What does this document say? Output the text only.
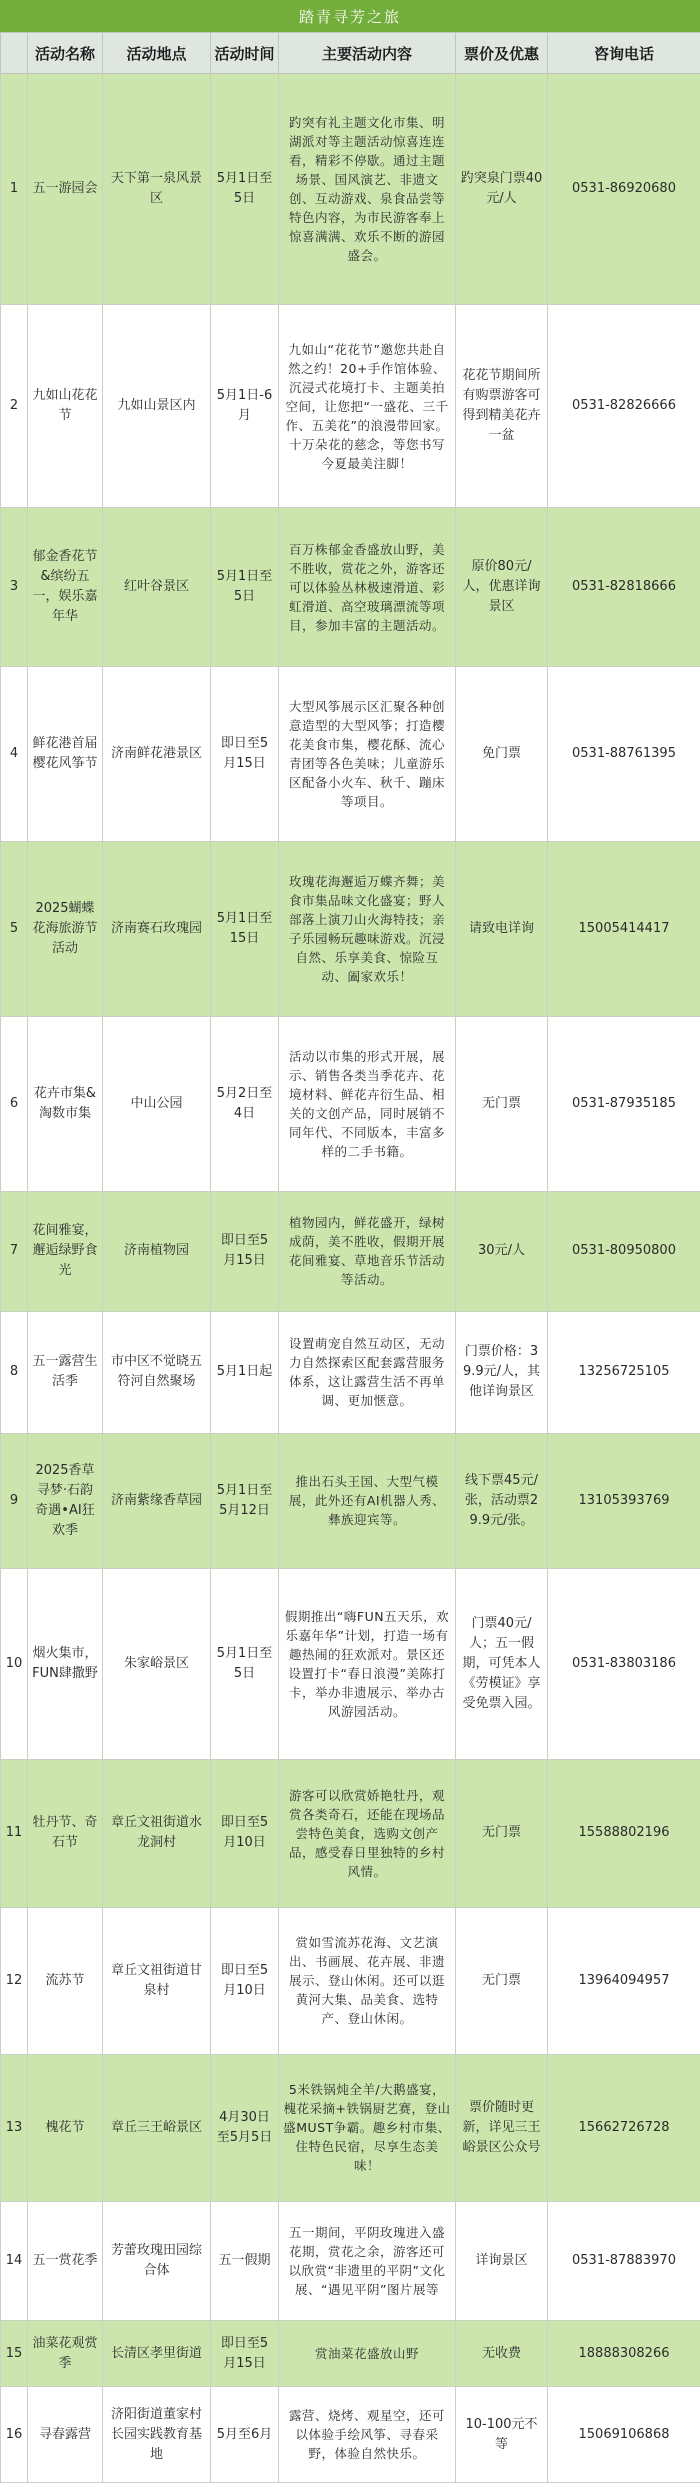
踏青寻芳之旅
	活动名称	活动地点	活动时间	主要活动内容	票价及优惠	咨询电话
1	五一游园会	天下第一泉风景区	5月1日至5日	趵突有礼主题文化市集、明湖派对等主题活动惊喜连连看，精彩不停歇。通过主题场景、国风演艺、非遗文创、互动游戏、泉食品尝等特色内容，为市民游客奉上惊喜满满、欢乐不断的游园盛会。	趵突泉门票40元/人	0531-86920680
2	九如山花花节	九如山景区内	5月1日-6月	九如山“花花节”邀您共赴自然之约！20+手作馆体验、沉浸式花境打卡、主题美拍空间，让您把“一盛花、三千作、五美花”的浪漫带回家。十万朵花的慈念，等您书写今夏最美注脚！	花花节期间所有购票游客可得到精美花卉一盆	0531-82826666
3	郁金香花节&缤纷五一，娱乐嘉年华	红叶谷景区	5月1日至5日	百万株郁金香盛放山野，美不胜收，赏花之外，游客还可以体验丛林极速滑道、彩虹滑道、高空玻璃漂流等项目，参加丰富的主题活动。	原价80元/人，优惠详询景区	0531-82818666
4	鲜花港首届樱花风筝节	济南鲜花港景区	即日至5月15日	大型风筝展示区汇聚各种创意造型的大型风筝；打造樱花美食市集，樱花酥、流心青团等各色美味；儿童游乐区配备小火车、秋千、蹦床等项目。	免门票	0531-88761395
5	2025蝴蝶花海旅游节活动	济南赛石玫瑰园	5月1日至15日	玫瑰花海邂逅万蝶齐舞；美食市集品味文化盛宴；野人部落上演刀山火海特技；亲子乐园畅玩趣味游戏。沉浸自然、乐享美食、惊险互动、阖家欢乐！	请致电详询	15005414417
6	花卉市集&淘数市集	中山公园	5月2日至4日	活动以市集的形式开展，展示、销售各类当季花卉、花境材料、鲜花卉衍生品、相关的文创产品，同时展销不同年代、不同版本，丰富多样的二手书籍。	无门票	0531-87935185
7	花间雅宴，邂逅绿野食光	济南植物园	即日至5月15日	植物园内，鲜花盛开，绿树成荫，美不胜收，假期开展花间雅宴、草地音乐节活动等活动。	30元/人	0531-80950800
8	五一露营生活季	市中区不觉晓五符河自然聚场	5月1日起	设置萌宠自然互动区，无动力自然探索区配套露营服务体系，这让露营生活不再单调、更加惬意。	门票价格：39.9元/人，其他详询景区	13256725105
9	2025香草寻梦·石韵奇遇•AI狂欢季	济南紫缘香草园	5月1日至5月12日	推出石头王国、大型气模展，此外还有AI机器人秀、彝族迎宾等。	线下票45元/张，活动票29.9元/张。	13105393769
10	烟火集市，FUN肆撒野	朱家峪景区	5月1日至5日	假期推出“嗨FUN五天乐，欢乐嘉年华”计划，打造一场有趣热闹的狂欢派对。景区还设置打卡“春日浪漫”美陈打卡，举办非遗展示、举办古风游园活动。	门票40元/人；五一假期，可凭本人《劳模证》享受免票入园。	0531-83803186
11	牡丹节、奇石节	章丘文祖街道水龙洞村	即日至5月10日	游客可以欣赏娇艳牡丹，观赏各类奇石，还能在现场品尝特色美食，选购文创产品，感受春日里独特的乡村风情。	无门票	15588802196
12	流苏节	章丘文祖街道甘泉村	即日至5月10日	赏如雪流苏花海、文艺演出、书画展、花卉展、非遗展示、登山休闲。还可以逛黄河大集、品美食、选特产、登山休闲。	无门票	13964094957
13	槐花节	章丘三王峪景区	4月30日至5月5日	5米铁锅炖全羊/大鹅盛宴，槐花采摘+铁锅厨艺赛，登山盛MUST争霸。趣乡村市集、住特色民宿，尽享生态美味！	票价随时更新，详见三王峪景区公众号	15662726728
14	五一赏花季	芳蕾玫瑰田园综合体	五一假期	五一期间，平阴玫瑰进入盛花期，赏花之余，游客还可以欣赏“非遗里的平阴”文化展、“遇见平阴”图片展等	详询景区	0531-87883970
15	油菜花观赏季	长清区孝里街道	即日至5月15日	赏油菜花盛放山野	无收费	18888308266
16	寻春露营	济阳街道董家村长园实践教育基地	5月至6月	露营、烧烤、观星空，还可以体验手绘风筝、寻春采野，体验自然快乐。	10-100元不等	15069106868
